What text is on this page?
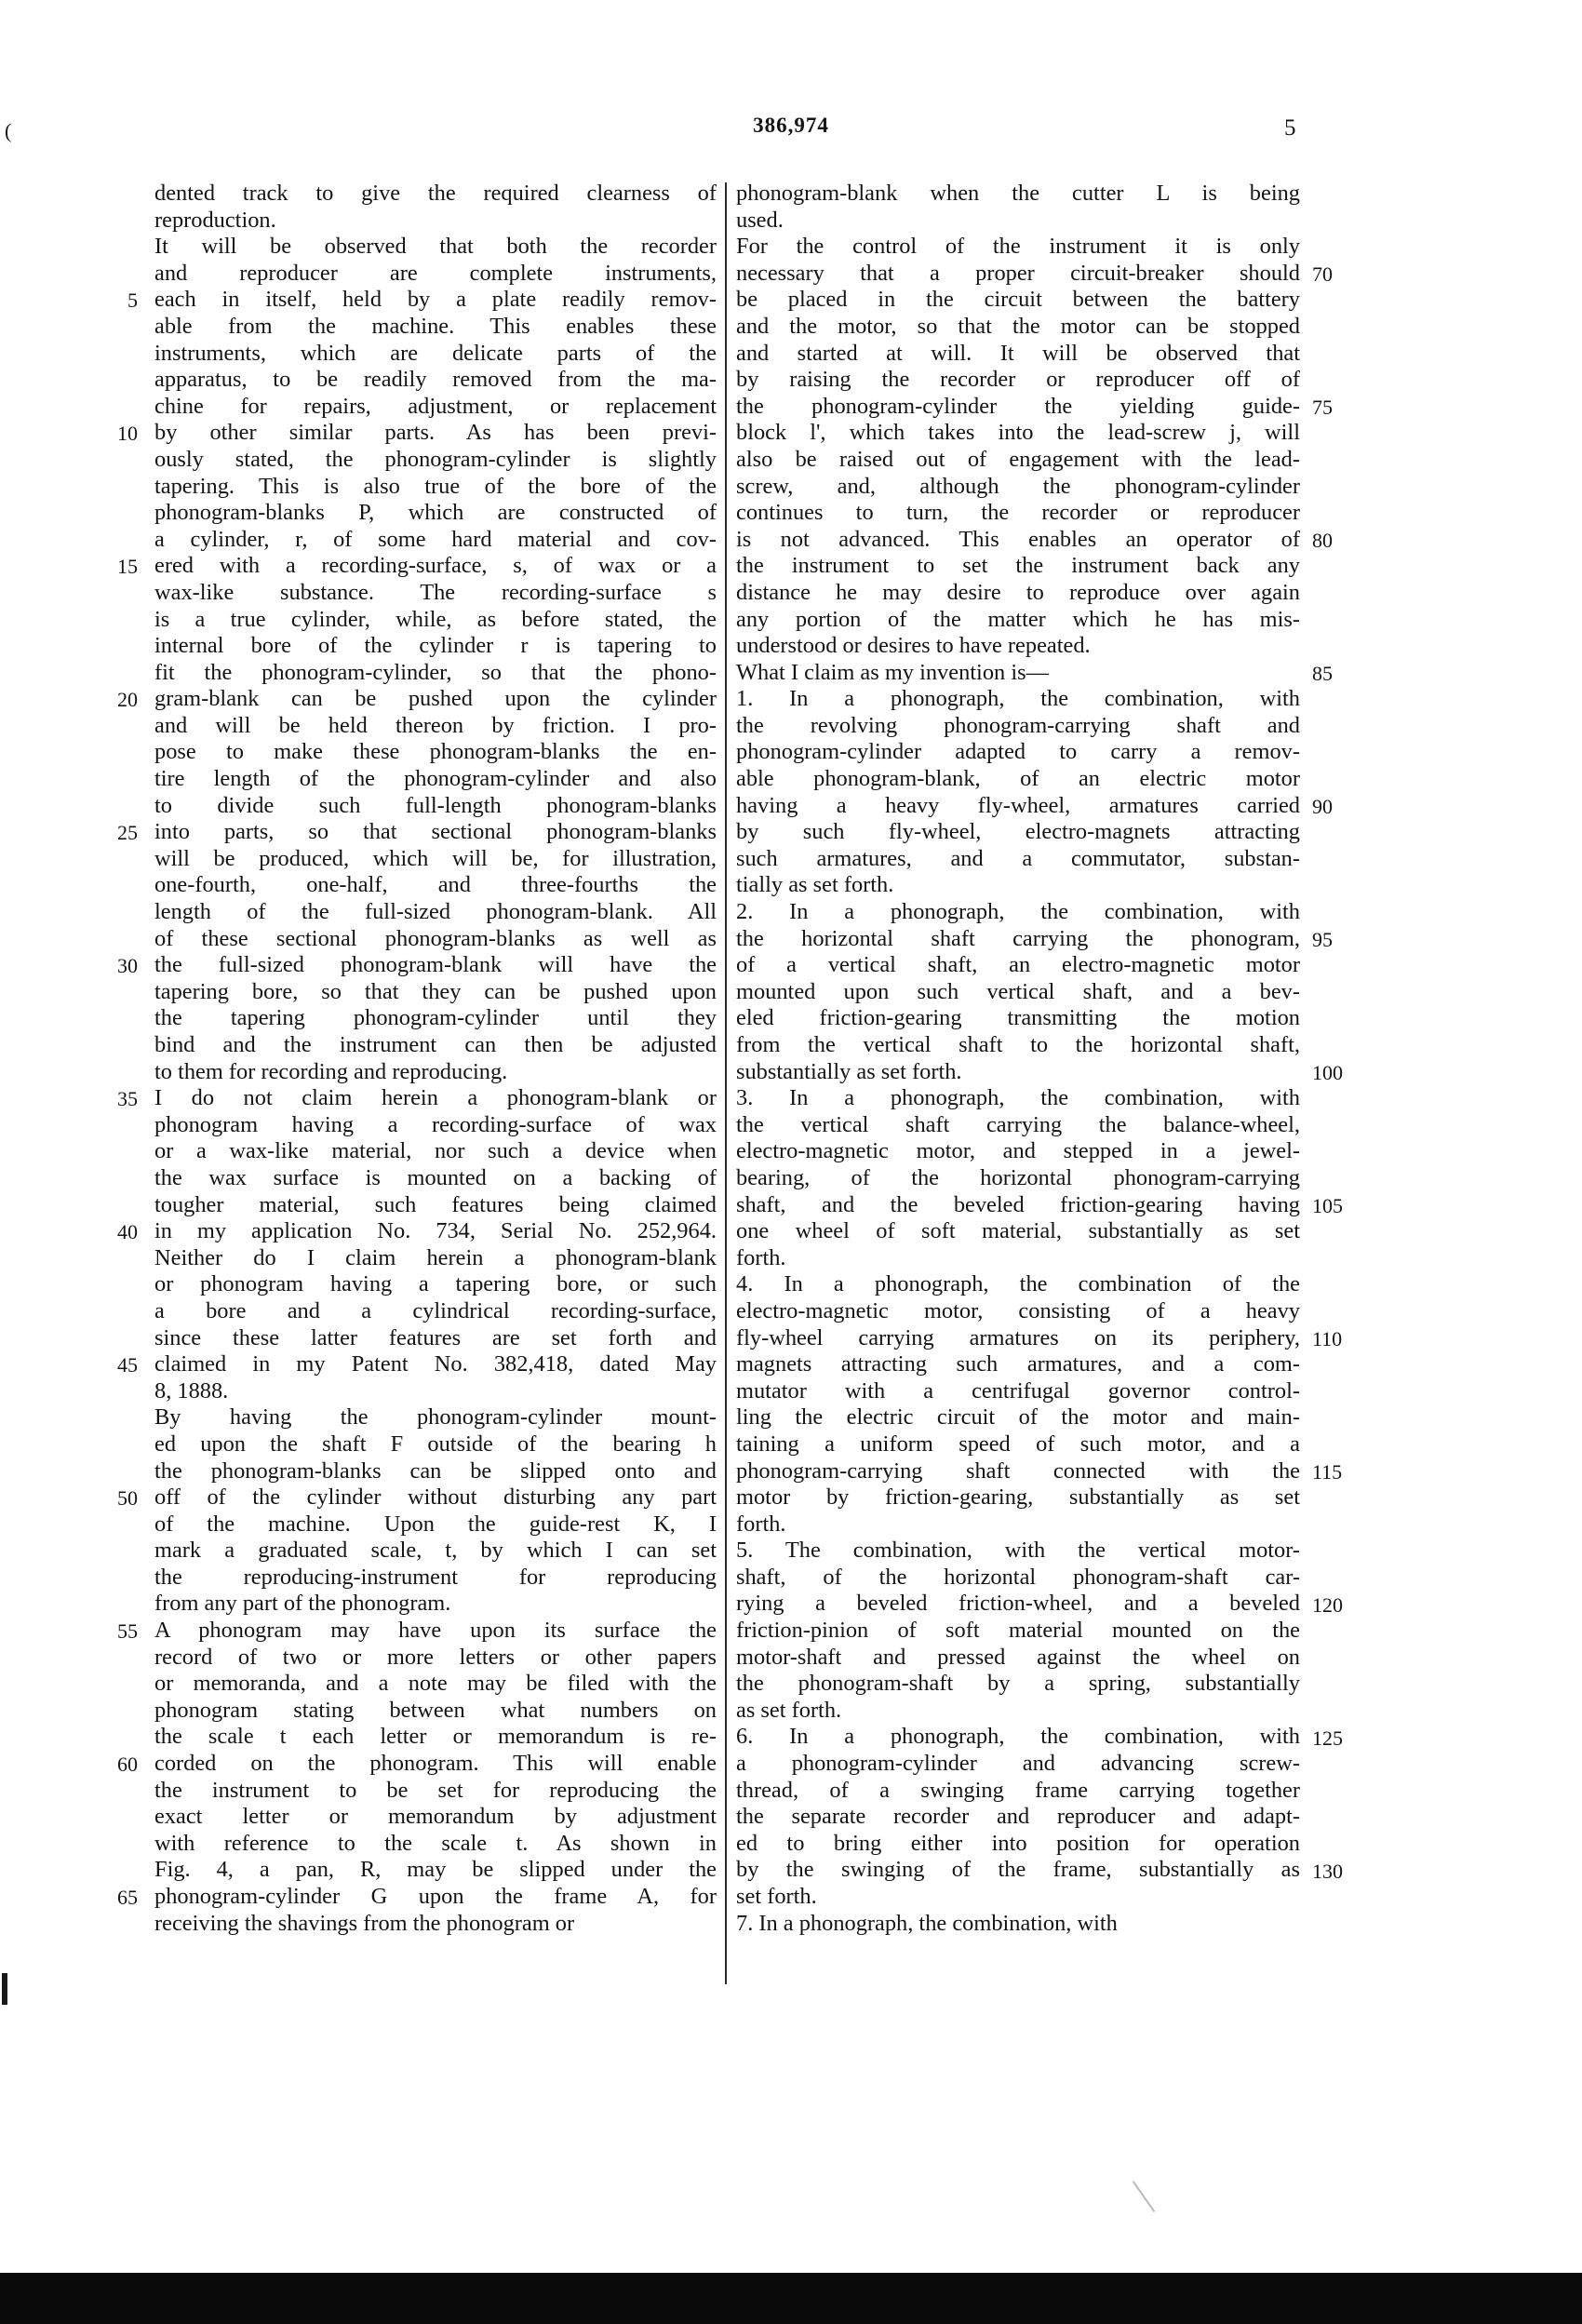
(	386,974	5
dented track to give the required clearness of
reproduction.
It will be observed that both the recorder
and reproducer are complete instruments,
each in itself, held by a plate readily remov-
able from the machine. This enables these
instruments, which are delicate parts of the
apparatus, to be readily removed from the ma-
chine for repairs, adjustment, or replacement
by other similar parts. As has been previ-
ously stated, the phonogram-cylinder is slightly
tapering. This is also true of the bore of the
phonogram-blanks P, which are constructed of
a cylinder, r, of some hard material and cov-
ered with a recording-surface, s, of wax or a
wax-like substance. The recording-surface s
is a true cylinder, while, as before stated, the
internal bore of the cylinder r is tapering to
fit the phonogram-cylinder, so that the phono-
gram-blank can be pushed upon the cylinder
and will be held thereon by friction. I pro-
pose to make these phonogram-blanks the en-
tire length of the phonogram-cylinder and also
to divide such full-length phonogram-blanks
into parts, so that sectional phonogram-blanks
will be produced, which will be, for illustration,
one-fourth, one-half, and three-fourths the
length of the full-sized phonogram-blank. All
of these sectional phonogram-blanks as well as
the full-sized phonogram-blank will have the
tapering bore, so that they can be pushed upon
the tapering phonogram-cylinder until they
bind and the instrument can then be adjusted
to them for recording and reproducing.
I do not claim herein a phonogram-blank or
phonogram having a recording-surface of wax
or a wax-like material, nor such a device when
the wax surface is mounted on a backing of
tougher material, such features being claimed
in my application No. 734, Serial No. 252,964.
Neither do I claim herein a phonogram-blank
or phonogram having a tapering bore, or such
a bore and a cylindrical recording-surface,
since these latter features are set forth and
claimed in my Patent No. 382,418, dated May
8, 1888.
By having the phonogram-cylinder mount-
ed upon the shaft F outside of the bearing h
the phonogram-blanks can be slipped onto and
off of the cylinder without disturbing any part
of the machine. Upon the guide-rest K, I
mark a graduated scale, t, by which I can set
the reproducing-instrument for reproducing
from any part of the phonogram.
A phonogram may have upon its surface the
record of two or more letters or other papers
or memoranda, and a note may be filed with the
phonogram stating between what numbers on
the scale t each letter or memorandum is re-
corded on the phonogram. This will enable
the instrument to be set for reproducing the
exact letter or memorandum by adjustment
with reference to the scale t. As shown in
Fig. 4, a pan, R, may be slipped under the
phonogram-cylinder G upon the frame A, for
receiving the shavings from the phonogram or
phonogram-blank when the cutter L is being
used.
For the control of the instrument it is only
necessary that a proper circuit-breaker should
be placed in the circuit between the battery
and the motor, so that the motor can be stopped
and started at will. It will be observed that
by raising the recorder or reproducer off of
the phonogram-cylinder the yielding guide-
block l', which takes into the lead-screw j, will
also be raised out of engagement with the lead-
screw, and, although the phonogram-cylinder
continues to turn, the recorder or reproducer
is not advanced. This enables an operator of
the instrument to set the instrument back any
distance he may desire to reproduce over again
any portion of the matter which he has mis-
understood or desires to have repeated.
What I claim as my invention is—
1. In a phonograph, the combination, with
the revolving phonogram-carrying shaft and
phonogram-cylinder adapted to carry a remov-
able phonogram-blank, of an electric motor
having a heavy fly-wheel, armatures carried
by such fly-wheel, electro-magnets attracting
such armatures, and a commutator, substan-
tially as set forth.
2. In a phonograph, the combination, with
the horizontal shaft carrying the phonogram,
of a vertical shaft, an electro-magnetic motor
mounted upon such vertical shaft, and a bev-
eled friction-gearing transmitting the motion
from the vertical shaft to the horizontal shaft,
substantially as set forth.
3. In a phonograph, the combination, with
the vertical shaft carrying the balance-wheel,
electro-magnetic motor, and stepped in a jewel-
bearing, of the horizontal phonogram-carrying
shaft, and the beveled friction-gearing having
one wheel of soft material, substantially as set
forth.
4. In a phonograph, the combination of the
electro-magnetic motor, consisting of a heavy
fly-wheel carrying armatures on its periphery,
magnets attracting such armatures, and a com-
mutator with a centrifugal governor control-
ling the electric circuit of the motor and main-
taining a uniform speed of such motor, and a
phonogram-carrying shaft connected with the
motor by friction-gearing, substantially as set
forth.
5. The combination, with the vertical motor-
shaft, of the horizontal phonogram-shaft car-
rying a beveled friction-wheel, and a beveled
friction-pinion of soft material mounted on the
motor-shaft and pressed against the wheel on
the phonogram-shaft by a spring, substantially
as set forth.
6. In a phonograph, the combination, with
a phonogram-cylinder and advancing screw-
thread, of a swinging frame carrying together
the separate recorder and reproducer and adapt-
ed to bring either into position for operation
by the swinging of the frame, substantially as
set forth.
7. In a phonograph, the combination, with
5
10
15
20
25
30
35
40
45
50
55
60
65
70
75
80
85
90
95
100
105
110
115
120
125
130
